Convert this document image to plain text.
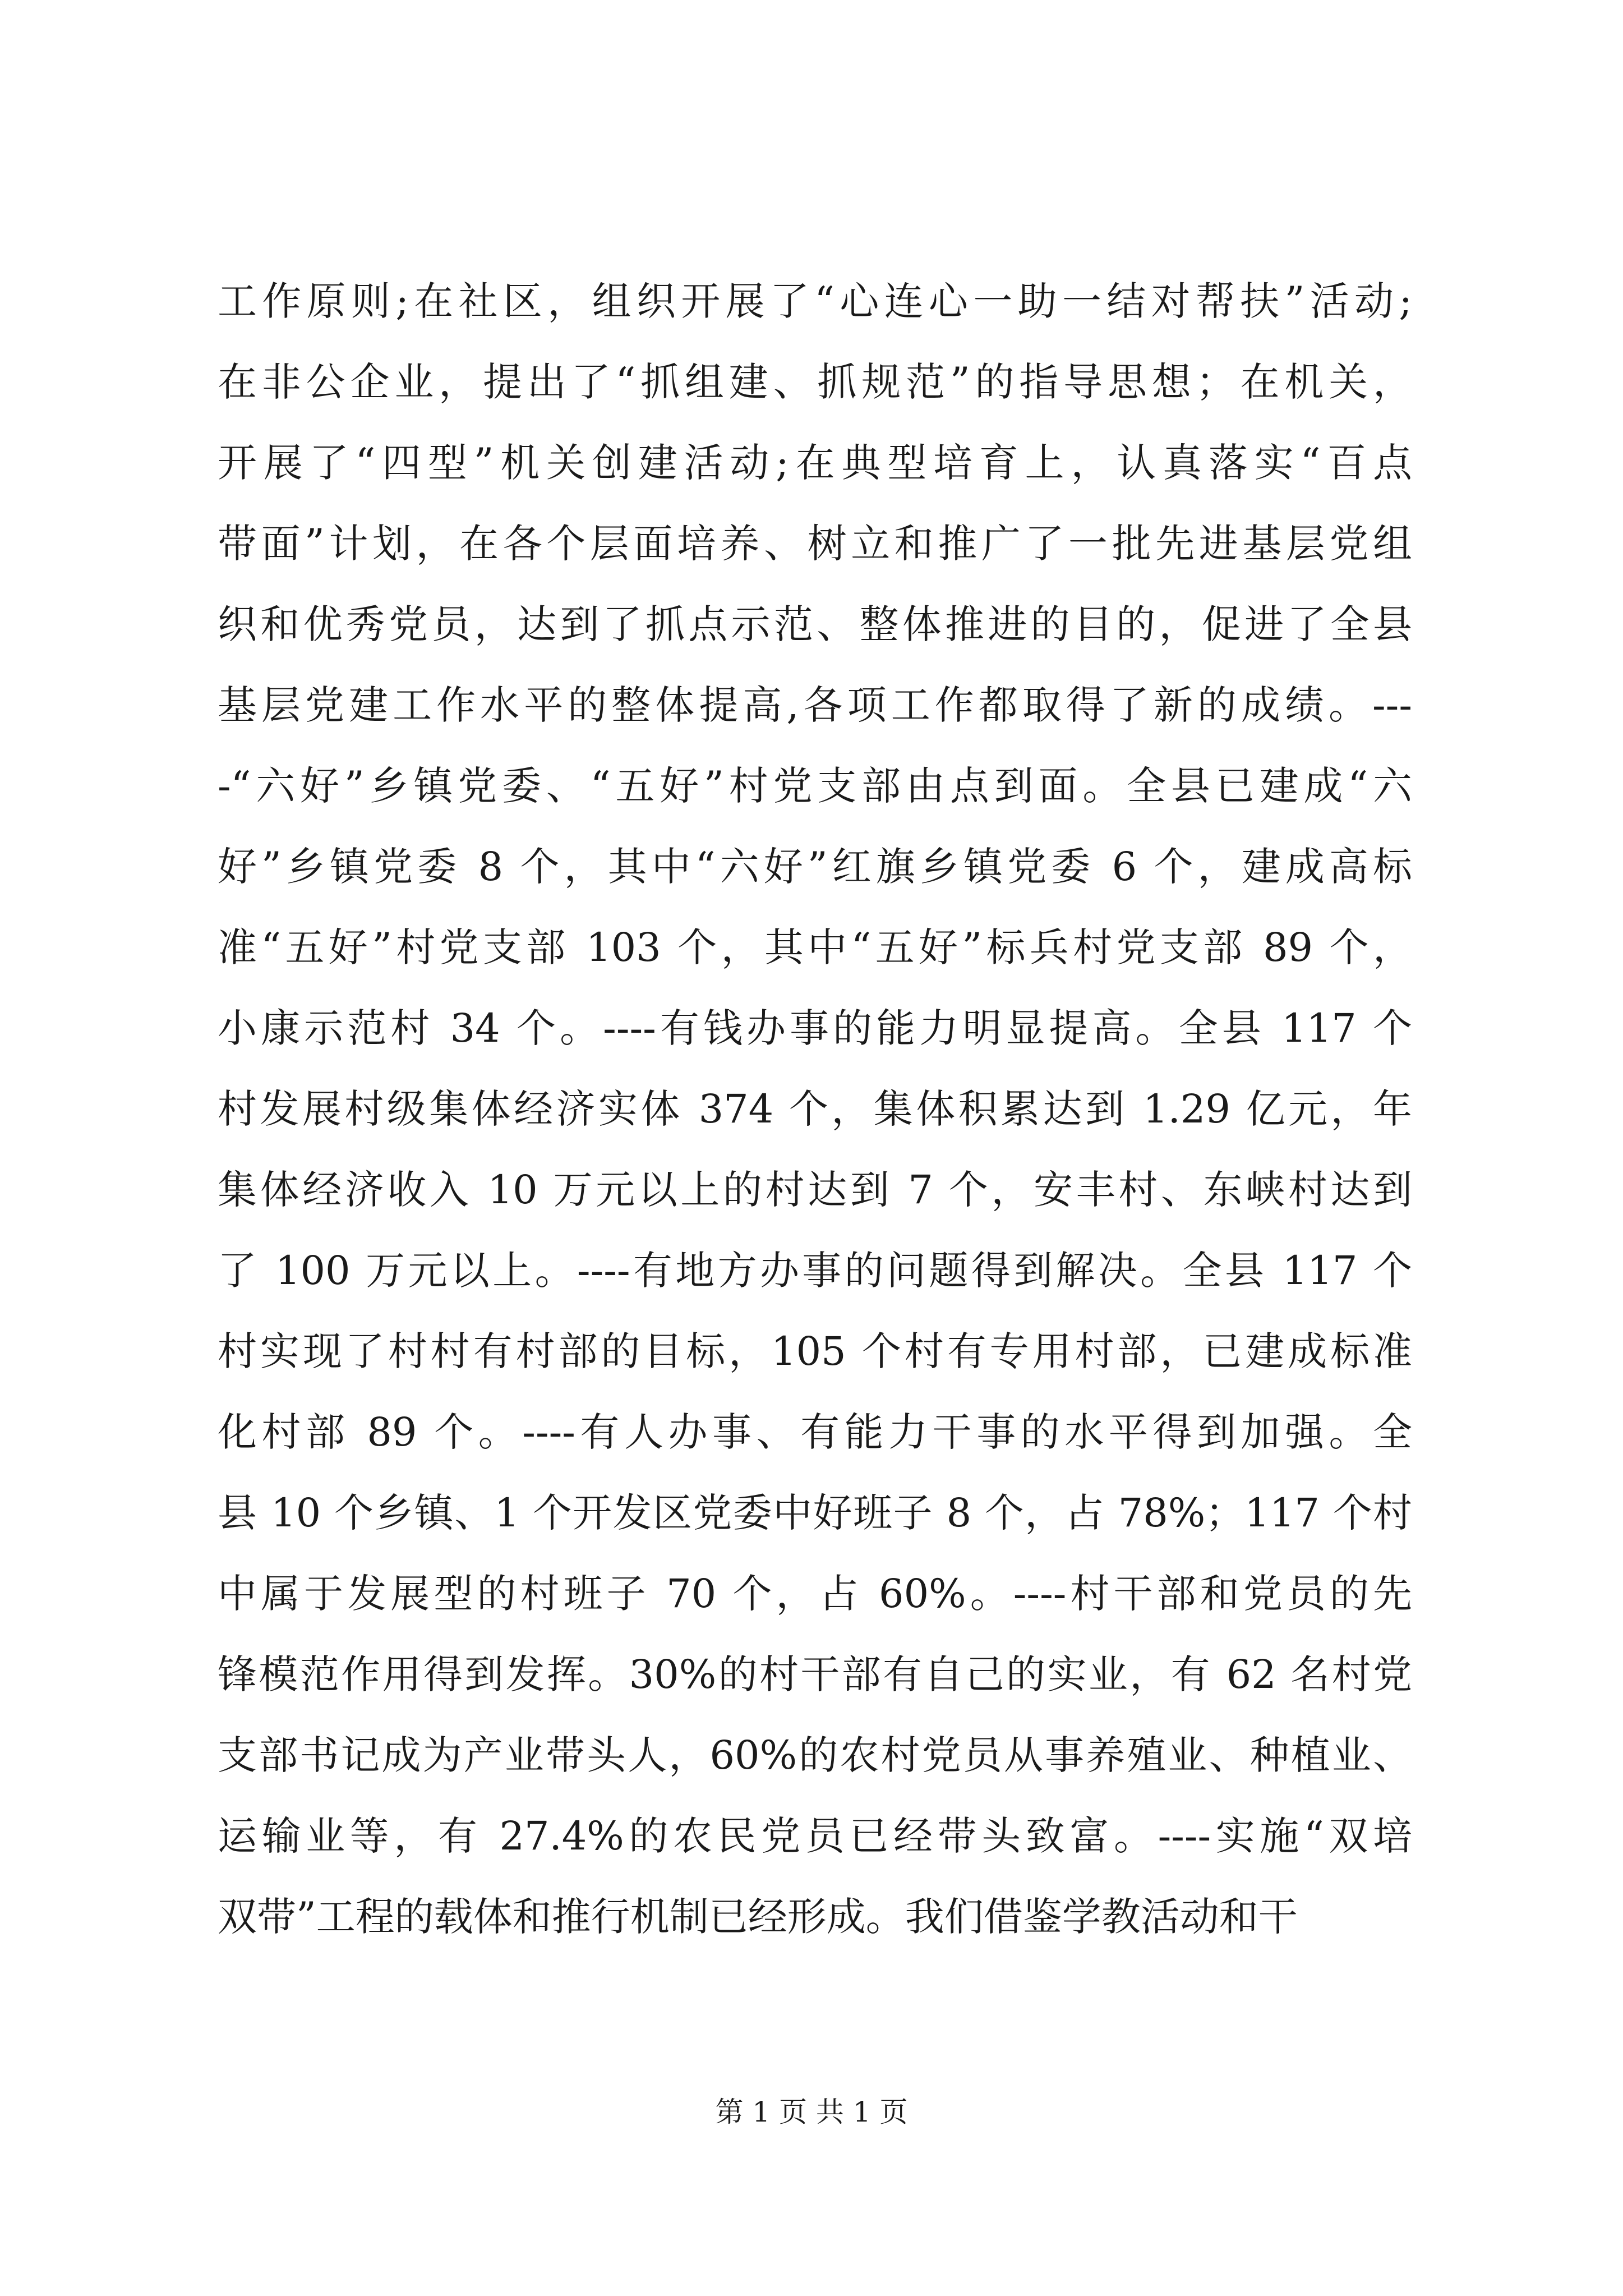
工作原则;在社区，组织开展了“心连心一助一结对帮扶”活动;
在非公企业，提出了“抓组建、抓规范”的指导思想；在机关，
开展了“四型”机关创建活动;在典型培育上，认真落实“百点
带面”计划，在各个层面培养、树立和推广了一批先进基层党组
织和优秀党员，达到了抓点示范、整体推进的目的，促进了全县
基层党建工作水平的整体提高,各项工作都取得了新的成绩。---
-“六好”乡镇党委、“五好”村党支部由点到面。全县已建成“六
好”乡镇党委 8 个，其中“六好”红旗乡镇党委 6 个，建成高标
准“五好”村党支部 103 个，其中“五好”标兵村党支部 89 个，
小康示范村 34 个。----有钱办事的能力明显提高。全县 117 个
村发展村级集体经济实体 374 个，集体积累达到 1.29 亿元，年
集体经济收入 10 万元以上的村达到 7 个，安丰村、东峡村达到
了 100 万元以上。----有地方办事的问题得到解决。全县 117 个
村实现了村村有村部的目标，105 个村有专用村部，已建成标准
化村部 89 个。----有人办事、有能力干事的水平得到加强。全
县 10 个乡镇、1 个开发区党委中好班子 8 个，占 78%；117 个村
中属于发展型的村班子 70 个，占 60%。----村干部和党员的先
锋模范作用得到发挥。30%的村干部有自己的实业，有 62 名村党
支部书记成为产业带头人，60%的农村党员从事养殖业、种植业、
运输业等，有 27.4%的农民党员已经带头致富。----实施“双培
双带”工程的载体和推行机制已经形成。我们借鉴学教活动和干
第 1 页 共 1 页
